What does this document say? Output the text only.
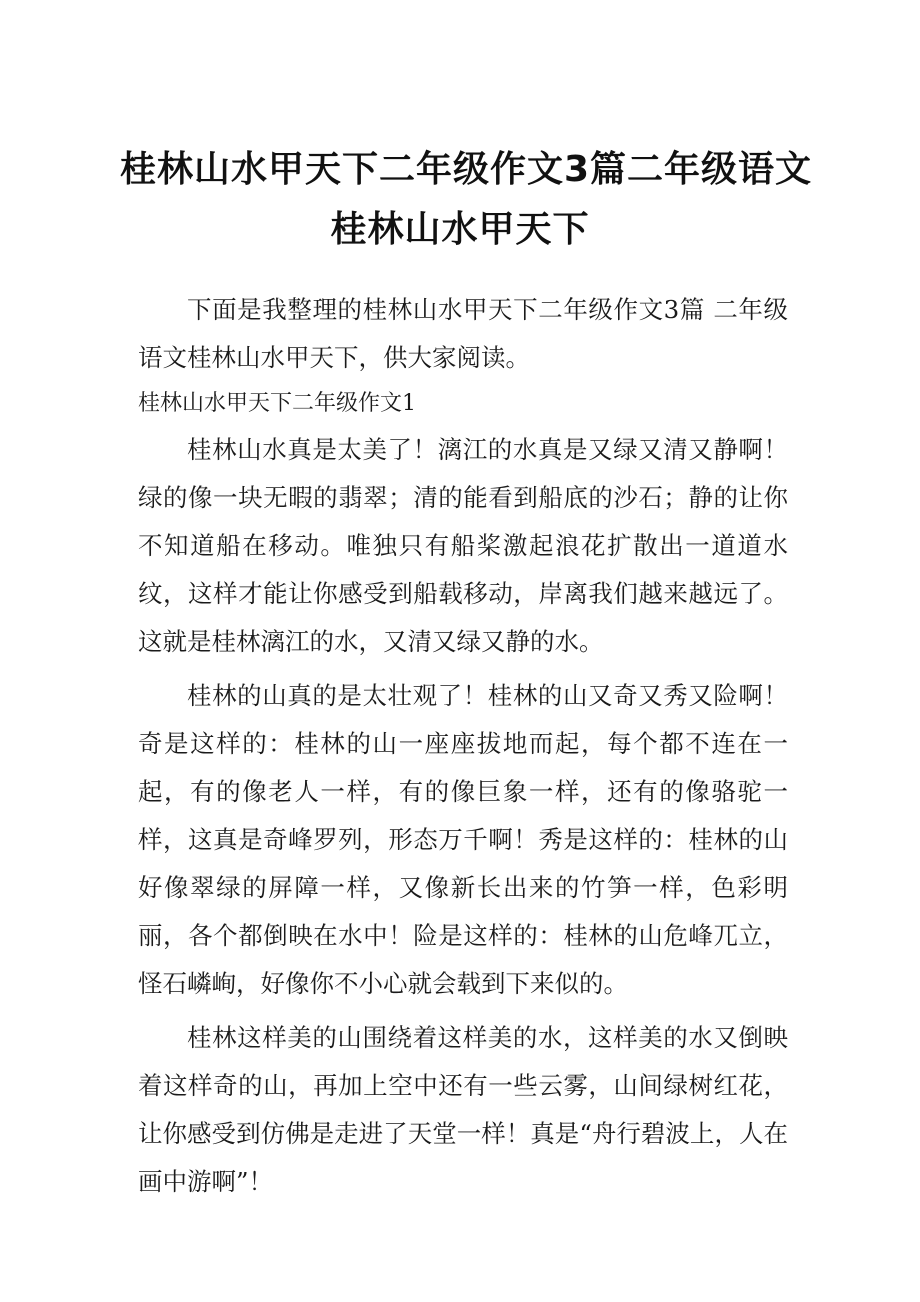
桂林山水甲天下二年级作文3篇二年级语文
桂林山水甲天下

下面是我整理的桂林山水甲天下二年级作文3篇 二年级语文桂林山水甲天下，供大家阅读。

桂林山水甲天下二年级作文1

桂林山水真是太美了！漓江的水真是又绿又清又静啊！绿的像一块无暇的翡翠；清的能看到船底的沙石；静的让你不知道船在移动。唯独只有船桨激起浪花扩散出一道道水纹，这样才能让你感受到船载移动，岸离我们越来越远了。这就是桂林漓江的水，又清又绿又静的水。

桂林的山真的是太壮观了！桂林的山又奇又秀又险啊！奇是这样的：桂林的山一座座拔地而起，每个都不连在一起，有的像老人一样，有的像巨象一样，还有的像骆驼一样，这真是奇峰罗列，形态万千啊！秀是这样的：桂林的山好像翠绿的屏障一样，又像新长出来的竹笋一样，色彩明丽，各个都倒映在水中！险是这样的：桂林的山危峰兀立，怪石嶙峋，好像你不小心就会载到下来似的。

桂林这样美的山围绕着这样美的水，这样美的水又倒映着这样奇的山，再加上空中还有一些云雾，山间绿树红花，让你感受到仿佛是走进了天堂一样！真是“舟行碧波上，人在画中游啊”！
